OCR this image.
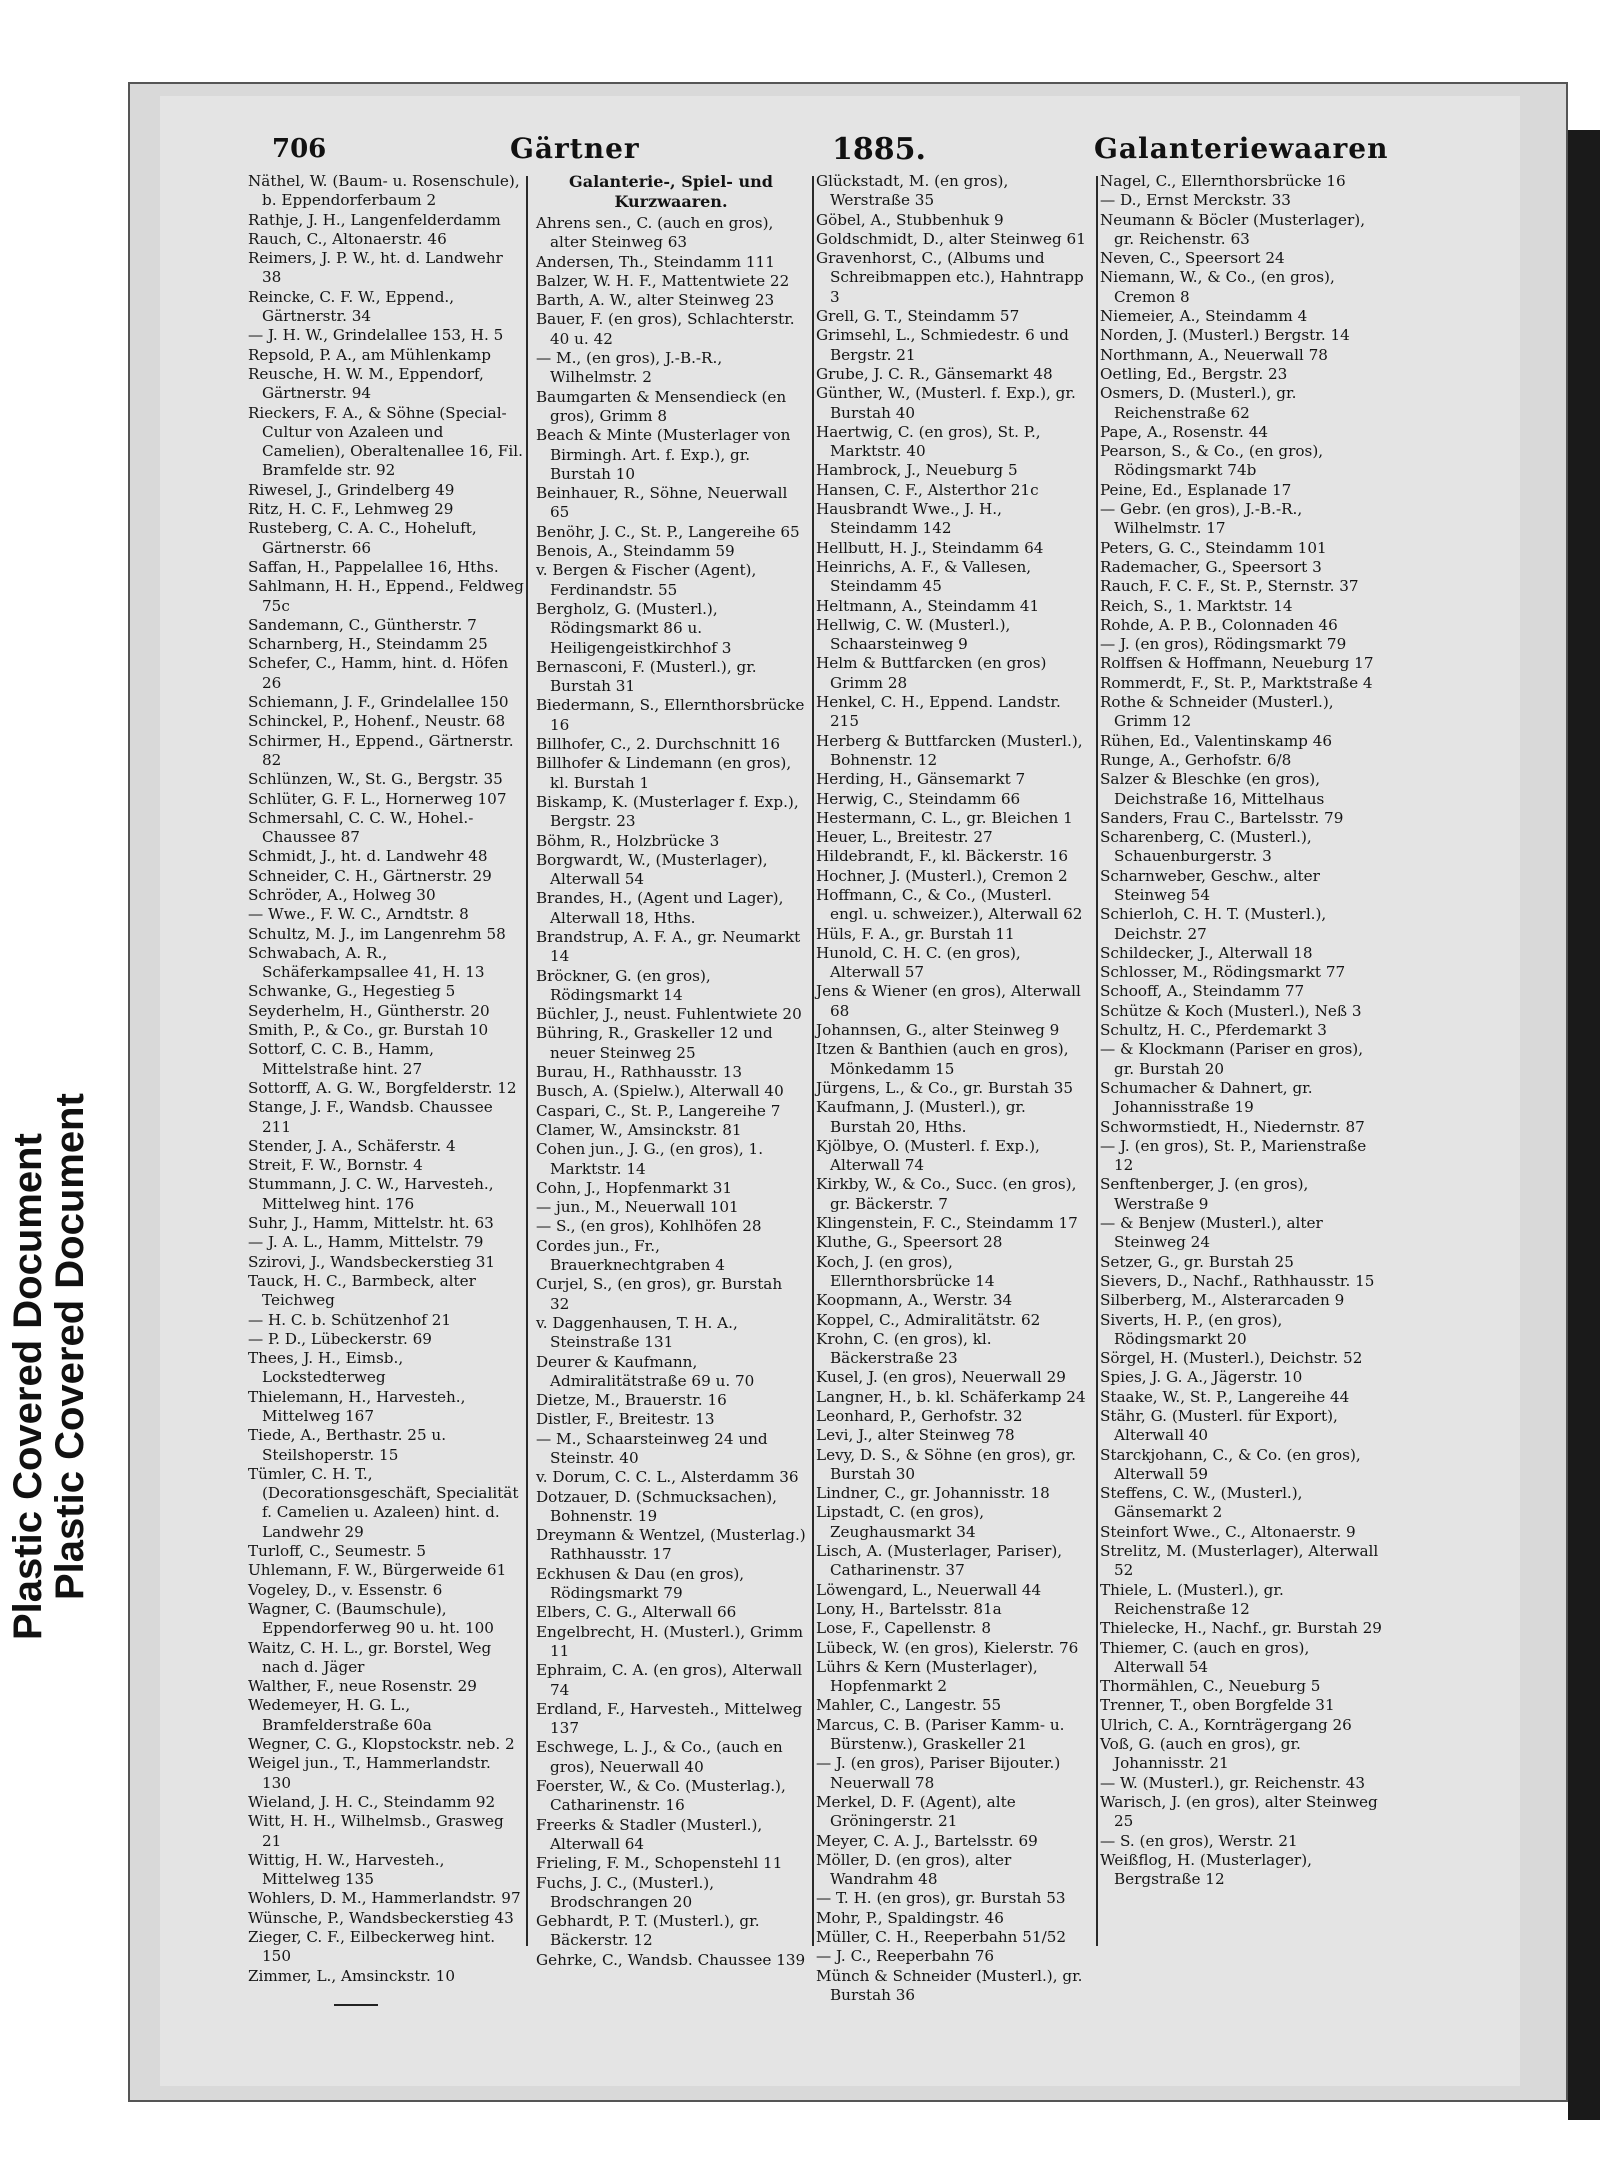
Plastic Covered Document
Plastic Covered Document
706	Gärtner	1885.	Galanteriewaaren

Näthel, W. (Baum- u. Rosenschule), b. Eppendorferbaum 2

Rathje, J. H., Langenfelderdamm

Rauch, C., Altonaerstr. 46

Reimers, J. P. W., ht. d. Landwehr 38

Reincke, C. F. W., Eppend., Gärtnerstr. 34

— J. H. W., Grindelallee 153, H. 5

Repsold, P. A., am Mühlenkamp

Reusche, H. W. M., Eppendorf, Gärtnerstr. 94

Rieckers, F. A., & Söhne (Special-Cultur von Azaleen und Camelien), Oberaltenallee 16, Fil. Bramfelde str. 92

Riwesel, J., Grindelberg 49

Ritz, H. C. F., Lehmweg 29

Rusteberg, C. A. C., Hoheluft, Gärtnerstr. 66

Saffan, H., Pappelallee 16, Hths.

Sahlmann, H. H., Eppend., Feldweg 75c

Sandemann, C., Güntherstr. 7

Scharnberg, H., Steindamm 25

Schefer, C., Hamm, hint. d. Höfen 26

Schiemann, J. F., Grindelallee 150

Schinckel, P., Hohenf., Neustr. 68

Schirmer, H., Eppend., Gärtnerstr. 82

Schlünzen, W., St. G., Bergstr. 35

Schlüter, G. F. L., Hornerweg 107

Schmersahl, C. C. W., Hohel.-Chaussee 87

Schmidt, J., ht. d. Landwehr 48

Schneider, C. H., Gärtnerstr. 29

Schröder, A., Holweg 30

— Wwe., F. W. C., Arndtstr. 8

Schultz, M. J., im Langenrehm 58

Schwabach, A. R., Schäferkampsallee 41, H. 13

Schwanke, G., Hegestieg 5

Seyderhelm, H., Güntherstr. 20

Smith, P., & Co., gr. Burstah 10

Sottorf, C. C. B., Hamm, Mittelstraße hint. 27

Sottorff, A. G. W., Borgfelderstr. 12

Stange, J. F., Wandsb. Chaussee 211

Stender, J. A., Schäferstr. 4

Streit, F. W., Bornstr. 4

Stummann, J. C. W., Harvesteh., Mittelweg hint. 176

Suhr, J., Hamm, Mittelstr. ht. 63

— J. A. L., Hamm, Mittelstr. 79

Szirovi, J., Wandsbeckerstieg 31

Tauck, H. C., Barmbeck, alter Teichweg

— H. C. b. Schützenhof 21

— P. D., Lübeckerstr. 69

Thees, J. H., Eimsb., Lockstedterweg

Thielemann, H., Harvesteh., Mittelweg 167

Tiede, A., Berthastr. 25 u. Steilshoperstr. 15

Tümler, C. H. T., (Decorationsgeschäft, Specialität f. Camelien u. Azaleen) hint. d. Landwehr 29

Turloff, C., Seumestr. 5

Uhlemann, F. W., Bürgerweide 61

Vogeley, D., v. Essenstr. 6

Wagner, C. (Baumschule), Eppendorferweg 90 u. ht. 100

Waitz, C. H. L., gr. Borstel, Weg nach d. Jäger

Walther, F., neue Rosenstr. 29

Wedemeyer, H. G. L., Bramfelderstraße 60a

Wegner, C. G., Klopstockstr. neb. 2

Weigel jun., T., Hammerlandstr. 130

Wieland, J. H. C., Steindamm 92

Witt, H. H., Wilhelmsb., Grasweg 21

Wittig, H. W., Harvesteh., Mittelweg 135

Wohlers, D. M., Hammerlandstr. 97

Wünsche, P., Wandsbeckerstieg 43

Zieger, C. F., Eilbeckerweg hint. 150

Zimmer, L., Amsinckstr. 10

Galanterie-, Spiel- und Kurzwaaren.

Ahrens sen., C. (auch en gros), alter Steinweg 63

Andersen, Th., Steindamm 111

Balzer, W. H. F., Mattentwiete 22

Barth, A. W., alter Steinweg 23

Bauer, F. (en gros), Schlachterstr. 40 u. 42

— M., (en gros), J.-B.-R., Wilhelmstr. 2

Baumgarten & Mensendieck (en gros), Grimm 8

Beach & Minte (Musterlager von Birmingh. Art. f. Exp.), gr. Burstah 10

Beinhauer, R., Söhne, Neuerwall 65

Benöhr, J. C., St. P., Langereihe 65

Benois, A., Steindamm 59

v. Bergen & Fischer (Agent), Ferdinandstr. 55

Bergholz, G. (Musterl.), Rödingsmarkt 86 u. Heiligengeistkirchhof 3

Bernasconi, F. (Musterl.), gr. Burstah 31

Biedermann, S., Ellernthorsbrücke 16

Billhofer, C., 2. Durchschnitt 16

Billhofer & Lindemann (en gros), kl. Burstah 1

Biskamp, K. (Musterlager f. Exp.), Bergstr. 23

Böhm, R., Holzbrücke 3

Borgwardt, W., (Musterlager), Alterwall 54

Brandes, H., (Agent und Lager), Alterwall 18, Hths.

Brandstrup, A. F. A., gr. Neumarkt 14

Bröckner, G. (en gros), Rödingsmarkt 14

Büchler, J., neust. Fuhlentwiete 20

Bühring, R., Graskeller 12 und neuer Steinweg 25

Burau, H., Rathhausstr. 13

Busch, A. (Spielw.), Alterwall 40

Caspari, C., St. P., Langereihe 7

Clamer, W., Amsinckstr. 81

Cohen jun., J. G., (en gros), 1. Marktstr. 14

Cohn, J., Hopfenmarkt 31

— jun., M., Neuerwall 101

— S., (en gros), Kohlhöfen 28

Cordes jun., Fr., Brauerknechtgraben 4

Curjel, S., (en gros), gr. Burstah 32

v. Daggenhausen, T. H. A., Steinstraße 131

Deurer & Kaufmann, Admiralitätstraße 69 u. 70

Dietze, M., Brauerstr. 16

Distler, F., Breitestr. 13

— M., Schaarsteinweg 24 und Steinstr. 40

v. Dorum, C. C. L., Alsterdamm 36

Dotzauer, D. (Schmucksachen), Bohnenstr. 19

Dreymann & Wentzel, (Musterlag.) Rathhausstr. 17

Eckhusen & Dau (en gros), Rödingsmarkt 79

Elbers, C. G., Alterwall 66

Engelbrecht, H. (Musterl.), Grimm 11

Ephraim, C. A. (en gros), Alterwall 74

Erdland, F., Harvesteh., Mittelweg 137

Eschwege, L. J., & Co., (auch en gros), Neuerwall 40

Foerster, W., & Co. (Musterlag.), Catharinenstr. 16

Freerks & Stadler (Musterl.), Alterwall 64

Frieling, F. M., Schopenstehl 11

Fuchs, J. C., (Musterl.), Brodschrangen 20

Gebhardt, P. T. (Musterl.), gr. Bäckerstr. 12

Gehrke, C., Wandsb. Chaussee 139

Glückstadt, M. (en gros), Werstraße 35

Göbel, A., Stubbenhuk 9

Goldschmidt, D., alter Steinweg 61

Gravenhorst, C., (Albums und Schreibmappen etc.), Hahntrapp 3

Grell, G. T., Steindamm 57

Grimsehl, L., Schmiedestr. 6 und Bergstr. 21

Grube, J. C. R., Gänsemarkt 48

Günther, W., (Musterl. f. Exp.), gr. Burstah 40

Haertwig, C. (en gros), St. P., Marktstr. 40

Hambrock, J., Neueburg 5

Hansen, C. F., Alsterthor 21c

Hausbrandt Wwe., J. H., Steindamm 142

Hellbutt, H. J., Steindamm 64

Heinrichs, A. F., & Vallesen, Steindamm 45

Heltmann, A., Steindamm 41

Hellwig, C. W. (Musterl.), Schaarsteinweg 9

Helm & Buttfarcken (en gros) Grimm 28

Henkel, C. H., Eppend. Landstr. 215

Herberg & Buttfarcken (Musterl.), Bohnenstr. 12

Herding, H., Gänsemarkt 7

Herwig, C., Steindamm 66

Hestermann, C. L., gr. Bleichen 1

Heuer, L., Breitestr. 27

Hildebrandt, F., kl. Bäckerstr. 16

Hochner, J. (Musterl.), Cremon 2

Hoffmann, C., & Co., (Musterl. engl. u. schweizer.), Alterwall 62

Hüls, F. A., gr. Burstah 11

Hunold, C. H. C. (en gros), Alterwall 57

Jens & Wiener (en gros), Alterwall 68

Johannsen, G., alter Steinweg 9

Itzen & Banthien (auch en gros), Mönkedamm 15

Jürgens, L., & Co., gr. Burstah 35

Kaufmann, J. (Musterl.), gr. Burstah 20, Hths.

Kjölbye, O. (Musterl. f. Exp.), Alterwall 74

Kirkby, W., & Co., Succ. (en gros), gr. Bäckerstr. 7

Klingenstein, F. C., Steindamm 17

Kluthe, G., Speersort 28

Koch, J. (en gros), Ellernthorsbrücke 14

Koopmann, A., Werstr. 34

Koppel, C., Admiralitätstr. 62

Krohn, C. (en gros), kl. Bäckerstraße 23

Kusel, J. (en gros), Neuerwall 29

Langner, H., b. kl. Schäferkamp 24

Leonhard, P., Gerhofstr. 32

Levi, J., alter Steinweg 78

Levy, D. S., & Söhne (en gros), gr. Burstah 30

Lindner, C., gr. Johannisstr. 18

Lipstadt, C. (en gros), Zeughausmarkt 34

Lisch, A. (Musterlager, Pariser), Catharinenstr. 37

Löwengard, L., Neuerwall 44

Lony, H., Bartelsstr. 81a

Lose, F., Capellenstr. 8

Lübeck, W. (en gros), Kielerstr. 76

Lührs & Kern (Musterlager), Hopfenmarkt 2

Mahler, C., Langestr. 55

Marcus, C. B. (Pariser Kamm- u. Bürstenw.), Graskeller 21

— J. (en gros), Pariser Bijouter.) Neuerwall 78

Merkel, D. F. (Agent), alte Gröningerstr. 21

Meyer, C. A. J., Bartelsstr. 69

Möller, D. (en gros), alter Wandrahm 48

— T. H. (en gros), gr. Burstah 53

Mohr, P., Spaldingstr. 46

Müller, C. H., Reeperbahn 51/52

— J. C., Reeperbahn 76

Münch & Schneider (Musterl.), gr. Burstah 36

Nagel, C., Ellernthorsbrücke 16

— D., Ernst Merckstr. 33

Neumann & Böcler (Musterlager), gr. Reichenstr. 63

Neven, C., Speersort 24

Niemann, W., & Co., (en gros), Cremon 8

Niemeier, A., Steindamm 4

Norden, J. (Musterl.) Bergstr. 14

Northmann, A., Neuerwall 78

Oetling, Ed., Bergstr. 23

Osmers, D. (Musterl.), gr. Reichenstraße 62

Pape, A., Rosenstr. 44

Pearson, S., & Co., (en gros), Rödingsmarkt 74b

Peine, Ed., Esplanade 17

— Gebr. (en gros), J.-B.-R., Wilhelmstr. 17

Peters, G. C., Steindamm 101

Rademacher, G., Speersort 3

Rauch, F. C. F., St. P., Sternstr. 37

Reich, S., 1. Marktstr. 14

Rohde, A. P. B., Colonnaden 46

— J. (en gros), Rödingsmarkt 79

Rolffsen & Hoffmann, Neueburg 17

Rommerdt, F., St. P., Marktstraße 4

Rothe & Schneider (Musterl.), Grimm 12

Rühen, Ed., Valentinskamp 46

Runge, A., Gerhofstr. 6/8

Salzer & Bleschke (en gros), Deichstraße 16, Mittelhaus

Sanders, Frau C., Bartelsstr. 79

Scharenberg, C. (Musterl.), Schauenburgerstr. 3

Scharnweber, Geschw., alter Steinweg 54

Schierloh, C. H. T. (Musterl.), Deichstr. 27

Schildecker, J., Alterwall 18

Schlosser, M., Rödingsmarkt 77

Schooff, A., Steindamm 77

Schütze & Koch (Musterl.), Neß 3

Schultz, H. C., Pferdemarkt 3

— & Klockmann (Pariser en gros), gr. Burstah 20

Schumacher & Dahnert, gr. Johannisstraße 19

Schwormstiedt, H., Niedernstr. 87

— J. (en gros), St. P., Marienstraße 12

Senftenberger, J. (en gros), Werstraße 9

— & Benjew (Musterl.), alter Steinweg 24

Setzer, G., gr. Burstah 25

Sievers, D., Nachf., Rathhausstr. 15

Silberberg, M., Alsterarcaden 9

Siverts, H. P., (en gros), Rödingsmarkt 20

Sörgel, H. (Musterl.), Deichstr. 52

Spies, J. G. A., Jägerstr. 10

Staake, W., St. P., Langereihe 44

Stähr, G. (Musterl. für Export), Alterwall 40

Starckjohann, C., & Co. (en gros), Alterwall 59

Steffens, C. W., (Musterl.), Gänsemarkt 2

Steinfort Wwe., C., Altonaerstr. 9

Strelitz, M. (Musterlager), Alterwall 52

Thiele, L. (Musterl.), gr. Reichenstraße 12

Thielecke, H., Nachf., gr. Burstah 29

Thiemer, C. (auch en gros), Alterwall 54

Thormählen, C., Neueburg 5

Trenner, T., oben Borgfelde 31

Ulrich, C. A., Kornträgergang 26

Voß, G. (auch en gros), gr. Johannisstr. 21

— W. (Musterl.), gr. Reichenstr. 43

Warisch, J. (en gros), alter Steinweg 25

— S. (en gros), Werstr. 21

Weißflog, H. (Musterlager), Bergstraße 12
